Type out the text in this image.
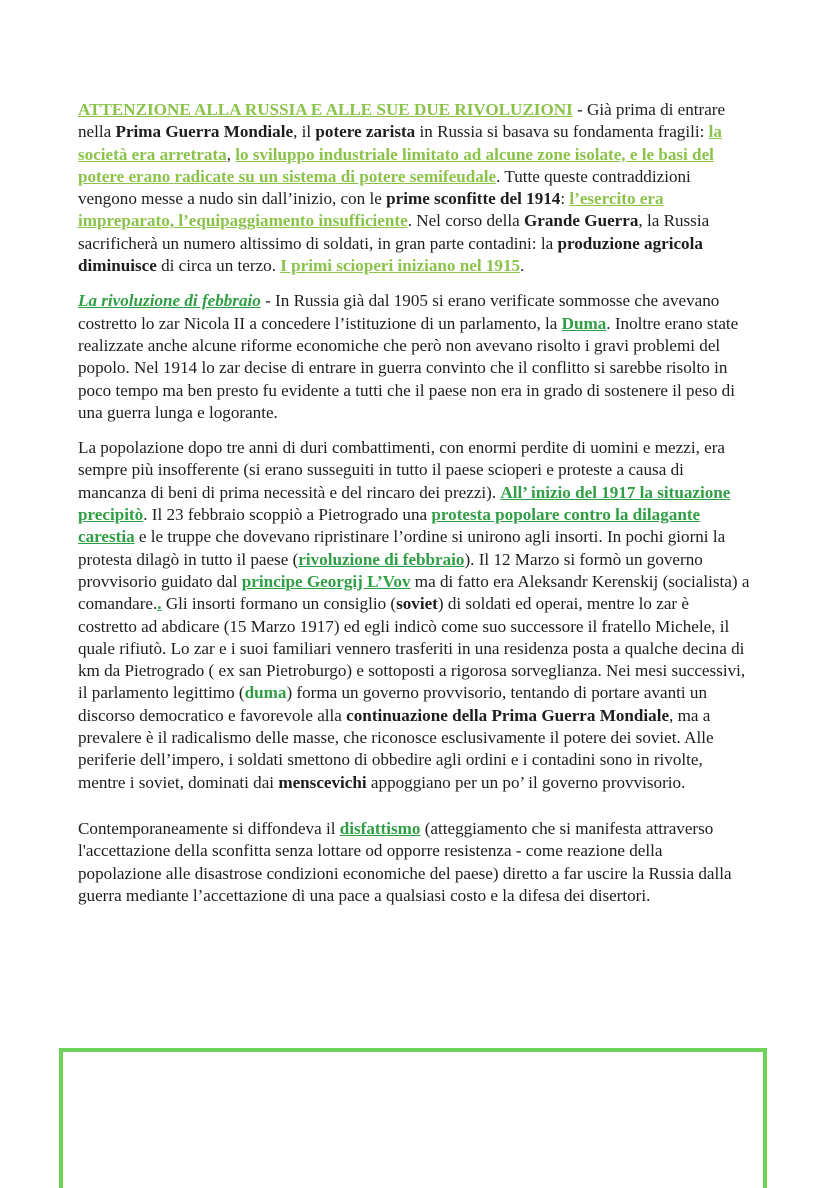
ATTENZIONE ALLA RUSSIA E ALLE SUE DUE RIVOLUZIONI - Già prima di entrare nella Prima Guerra Mondiale, il potere zarista in Russia si basava su fondamenta fragili: la società era arretrata, lo sviluppo industriale limitato ad alcune zone isolate, e le basi del potere erano radicate su un sistema di potere semifeudale. Tutte queste contraddizioni vengono messe a nudo sin dall’inizio, con le prime sconfitte del 1914: l’esercito era impreparato, l’equipaggiamento insufficiente. Nel corso della Grande Guerra, la Russia sacrificherà un numero altissimo di soldati, in gran parte contadini: la produzione agricola diminuisce di circa un terzo. I primi scioperi iniziano nel 1915.

La rivoluzione di febbraio - In Russia già dal 1905 si erano verificate sommosse che avevano costretto lo zar Nicola II a concedere l’istituzione di un parlamento, la Duma. Inoltre erano state realizzate anche alcune riforme economiche che però non avevano risolto i gravi problemi del popolo. Nel 1914 lo zar decise di entrare in guerra convinto che il conflitto si sarebbe risolto in poco tempo ma ben presto fu evidente a tutti che il paese non era in grado di sostenere il peso di una guerra lunga e logorante.

La popolazione dopo tre anni di duri combattimenti, con enormi perdite di uomini e mezzi, era sempre più insofferente (si erano susseguiti in tutto il paese scioperi e proteste a causa di mancanza di beni di prima necessità e del rincaro dei prezzi). All’ inizio del 1917 la situazione precipitò. Il 23 febbraio scoppiò a Pietrogrado una protesta popolare contro la dilagante carestia e le truppe che dovevano ripristinare l’ordine si unirono agli insorti. In pochi giorni la protesta dilagò in tutto il paese (rivoluzione di febbraio). Il 12 Marzo si formò un governo provvisorio guidato dal principe Georgij L’Vov ma di fatto era Aleksandr Kerenskij (socialista) a comandare.. Gli insorti formano un consiglio (soviet) di soldati ed operai, mentre lo zar è costretto ad abdicare (15 Marzo 1917) ed egli indicò come suo successore il fratello Michele, il quale rifiutò. Lo zar e i suoi familiari vennero trasferiti in una residenza posta a qualche decina di km da Pietrogrado ( ex san Pietroburgo) e sottoposti a rigorosa sorveglianza. Nei mesi successivi, il parlamento legittimo (duma) forma un governo provvisorio, tentando di portare avanti un discorso democratico e favorevole alla continuazione della Prima Guerra Mondiale, ma a prevalere è il radicalismo delle masse, che riconosce esclusivamente il potere dei soviet. Alle periferie dell’impero, i soldati smettono di obbedire agli ordini e i contadini sono in rivolte, mentre i soviet, dominati dai menscevichi appoggiano per un po’ il governo provvisorio.

Contemporaneamente si diffondeva il disfattismo (atteggiamento che si manifesta attraverso l'accettazione della sconfitta senza lottare od opporre resistenza - come reazione della popolazione alle disastrose condizioni economiche del paese) diretto a far uscire la Russia dalla guerra mediante l’accettazione di una pace a qualsiasi costo e la difesa dei disertori.
